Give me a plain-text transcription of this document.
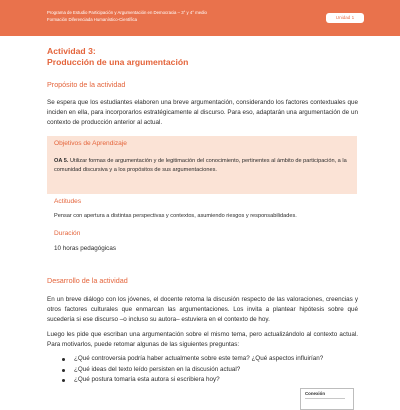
Programa de Estudio Participación y Argumentación en Democracia – 3° y 4° medio
Formación Diferenciada Humanístico-Científica	Unidad 1
Actividad 3:
Producción de una argumentación
Propósito de la actividad

Se espera que los estudiantes elaboren una breve argumentación, considerando los factores contextuales que inciden en ella, para incorporarlos estratégicamente al discurso. Para eso, adaptarán una argumentación de un contexto de producción anterior al actual.

Objetivos de Aprendizaje

OA 5. Utilizar formas de argumentación y de legitimación del conocimiento, pertinentes al ámbito de participación, a la comunidad discursiva y a los propósitos de sus argumentaciones.

Actitudes
Pensar con apertura a distintas perspectivas y contextos, asumiendo riesgos y responsabilidades.
Duración
10 horas pedagógicas
Desarrollo de la actividad

En un breve diálogo con los jóvenes, el docente retoma la discusión respecto de las valoraciones, creencias y otros factores culturales que enmarcan las argumentaciones. Los invita a plantear hipótesis sobre qué sucedería si ese discurso –o incluso su autora– estuviera en el contexto de hoy.

Luego les pide que escriban una argumentación sobre el mismo tema, pero actualizándolo al contexto actual. Para motivarlos, puede retomar algunas de las siguientes preguntas:

¿Qué controversia podría haber actualmente sobre este tema? ¿Qué aspectos influirían?
¿Qué ideas del texto leído persisten en la discusión actual?
¿Qué postura tomaría esta autora si escribiera hoy?
Conexión
